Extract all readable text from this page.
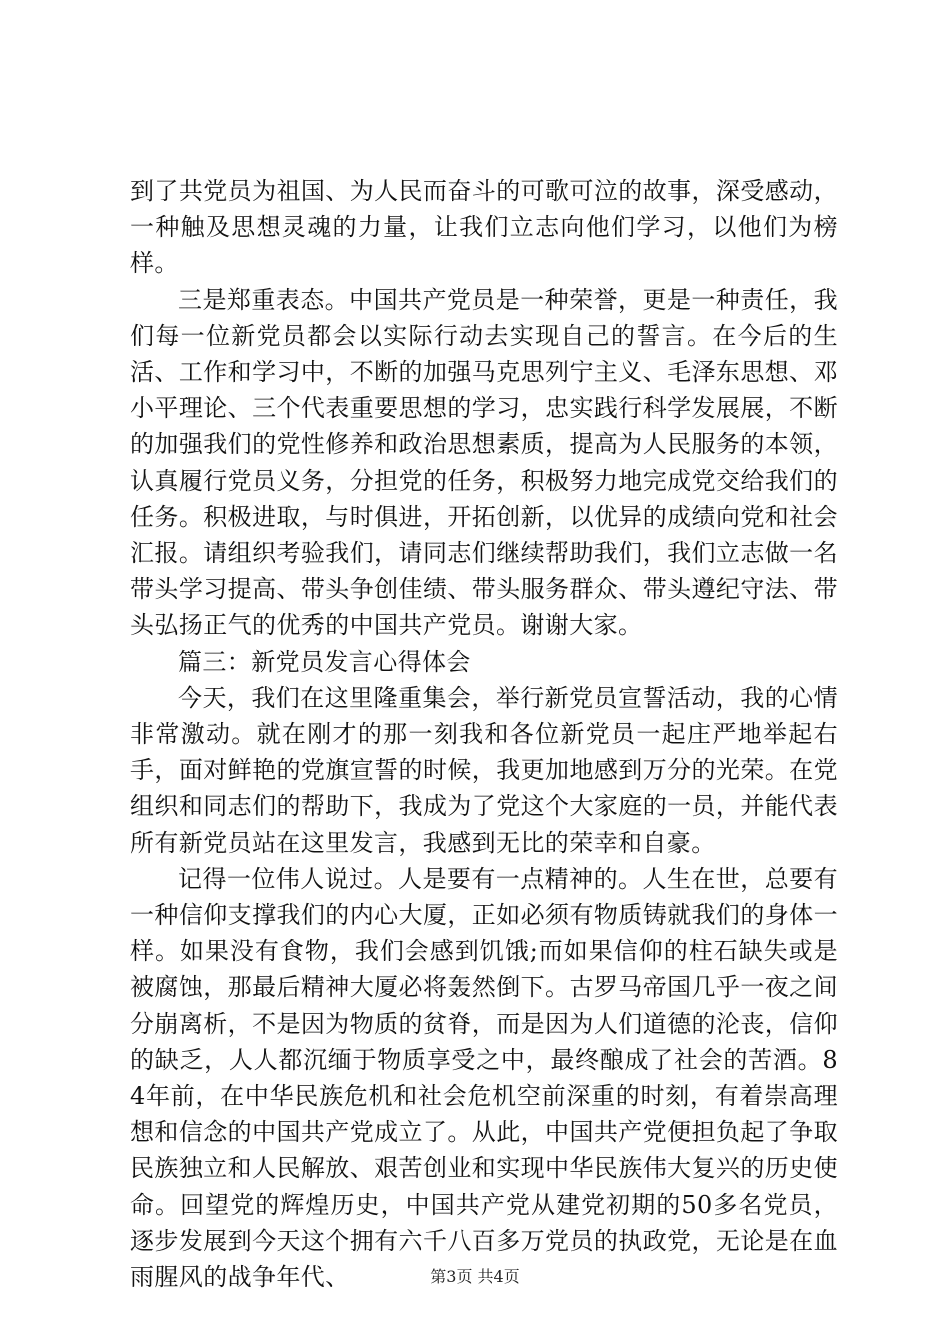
到了共党员为祖国、为人民而奋斗的可歌可泣的故事，深受感动，一种触及思想灵魂的力量，让我们立志向他们学习，以他们为榜样。

三是郑重表态。中国共产党员是一种荣誉，更是一种责任，我们每一位新党员都会以实际行动去实现自己的誓言。在今后的生活、工作和学习中，不断的加强马克思列宁主义、毛泽东思想、邓小平理论、三个代表重要思想的学习，忠实践行科学发展展，不断的加强我们的党性修养和政治思想素质，提高为人民服务的本领，认真履行党员义务，分担党的任务，积极努力地完成党交给我们的任务。积极进取，与时俱进，开拓创新，以优异的成绩向党和社会汇报。请组织考验我们，请同志们继续帮助我们，我们立志做一名带头学习提高、带头争创佳绩、带头服务群众、带头遵纪守法、带头弘扬正气的优秀的中国共产党员。谢谢大家。

篇三：新党员发言心得体会

今天，我们在这里隆重集会，举行新党员宣誓活动，我的心情非常激动。就在刚才的那一刻我和各位新党员一起庄严地举起右手，面对鲜艳的党旗宣誓的时候，我更加地感到万分的光荣。在党组织和同志们的帮助下，我成为了党这个大家庭的一员，并能代表所有新党员站在这里发言，我感到无比的荣幸和自豪。

记得一位伟人说过。人是要有一点精神的。人生在世，总要有一种信仰支撑我们的内心大厦，正如必须有物质铸就我们的身体一样。如果没有食物，我们会感到饥饿;而如果信仰的柱石缺失或是被腐蚀，那最后精神大厦必将轰然倒下。古罗马帝国几乎一夜之间分崩离析，不是因为物质的贫脊，而是因为人们道德的沦丧，信仰的缺乏，人人都沉缅于物质享受之中，最终酿成了社会的苦酒。84年前，在中华民族危机和社会危机空前深重的时刻，有着崇高理想和信念的中国共产党成立了。从此，中国共产党便担负起了争取民族独立和人民解放、艰苦创业和实现中华民族伟大复兴的历史使命。回望党的辉煌历史，中国共产党从建党初期的50多名党员，逐步发展到今天这个拥有六千八百多万党员的执政党，无论是在血雨腥风的战争年代、	第3页 共4页
